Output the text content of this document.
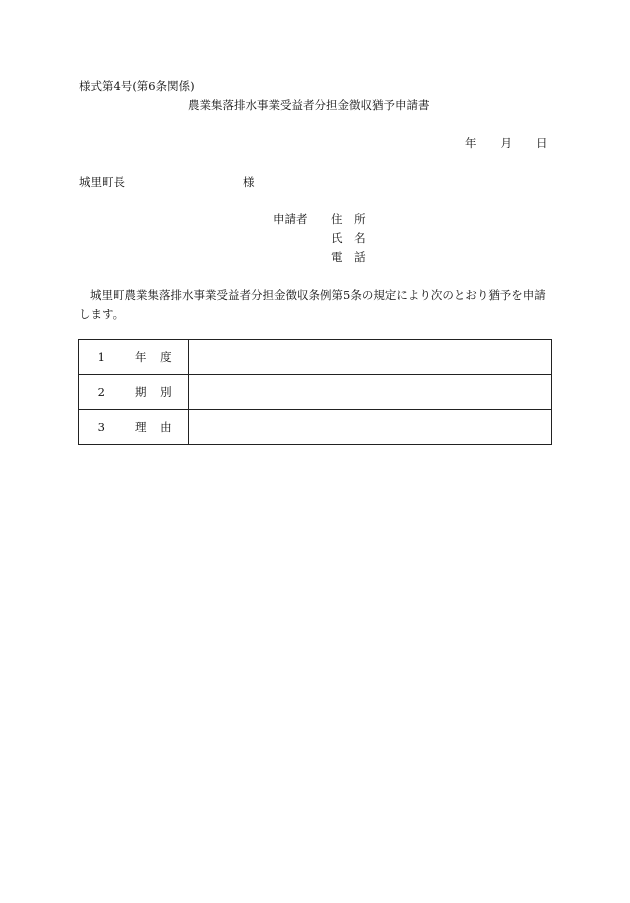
様式第4号(第6条関係)
農業集落排水事業受益者分担金徴収猶予申請書
年 月 日
城里町長	様
申請者 住 所
氏 名
電 話
城里町農業集落排水事業受益者分担金徴収条例第5条の規定により次のとおり猶予を申請します。
1 年 度	
2 期 別	
3 理 由	
